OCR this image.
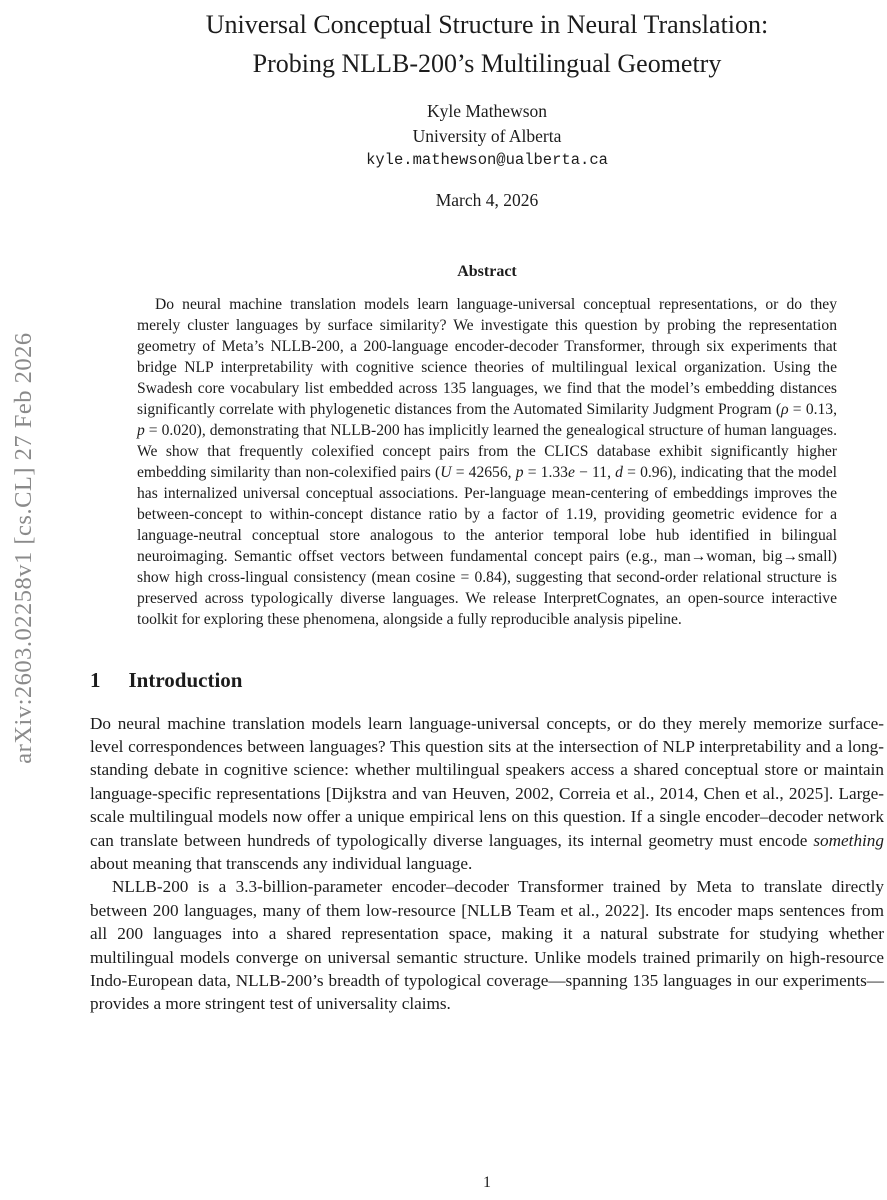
arXiv:2603.02258v1 [cs.CL] 27 Feb 2026
Universal Conceptual Structure in Neural Translation:
Probing NLLB-200’s Multilingual Geometry
Kyle Mathewson
University of Alberta
kyle.mathewson@ualberta.ca
March 4, 2026
Abstract

Do neural machine translation models learn language-universal conceptual representations, or do they merely cluster languages by surface similarity? We investigate this question by probing the representation geometry of Meta’s NLLB-200, a 200-language encoder-decoder Transformer, through six experiments that bridge NLP interpretability with cognitive science theories of multilingual lexical organization. Using the Swadesh core vocabulary list embedded across 135 languages, we find that the model’s embedding distances significantly correlate with phylogenetic distances from the Automated Similarity Judgment Program (ρ = 0.13, p = 0.020), demonstrating that NLLB-200 has implicitly learned the genealogical structure of human languages. We show that frequently colexified concept pairs from the CLICS database exhibit significantly higher embedding similarity than non-colexified pairs (U = 42656, p = 1.33e − 11, d = 0.96), indicating that the model has internalized universal conceptual associations. Per-language mean-centering of embeddings improves the between-concept to within-concept distance ratio by a factor of 1.19, providing geometric evidence for a language-neutral conceptual store analogous to the anterior temporal lobe hub identified in bilingual neuroimaging. Semantic offset vectors between fundamental concept pairs (e.g., man→woman, big→small) show high cross-lingual consistency (mean cosine = 0.84), suggesting that second-order relational structure is preserved across typologically diverse languages. We release InterpretCognates, an open-source interactive toolkit for exploring these phenomena, alongside a fully reproducible analysis pipeline.

1 Introduction

Do neural machine translation models learn language-universal concepts, or do they merely memorize surface-level correspondences between languages? This question sits at the intersection of NLP interpretability and a long-standing debate in cognitive science: whether multilingual speakers access a shared conceptual store or maintain language-specific representations [Dijkstra and van Heuven, 2002, Correia et al., 2014, Chen et al., 2025]. Large-scale multilingual models now offer a unique empirical lens on this question. If a single encoder–decoder network can translate between hundreds of typologically diverse languages, its internal geometry must encode something about meaning that transcends any individual language.

NLLB-200 is a 3.3-billion-parameter encoder–decoder Transformer trained by Meta to translate directly between 200 languages, many of them low-resource [NLLB Team et al., 2022]. Its encoder maps sentences from all 200 languages into a shared representation space, making it a natural substrate for studying whether multilingual models converge on universal semantic structure. Unlike models trained primarily on high-resource Indo-European data, NLLB-200’s breadth of typological coverage—spanning 135 languages in our experiments—provides a more stringent test of universality claims.

1
